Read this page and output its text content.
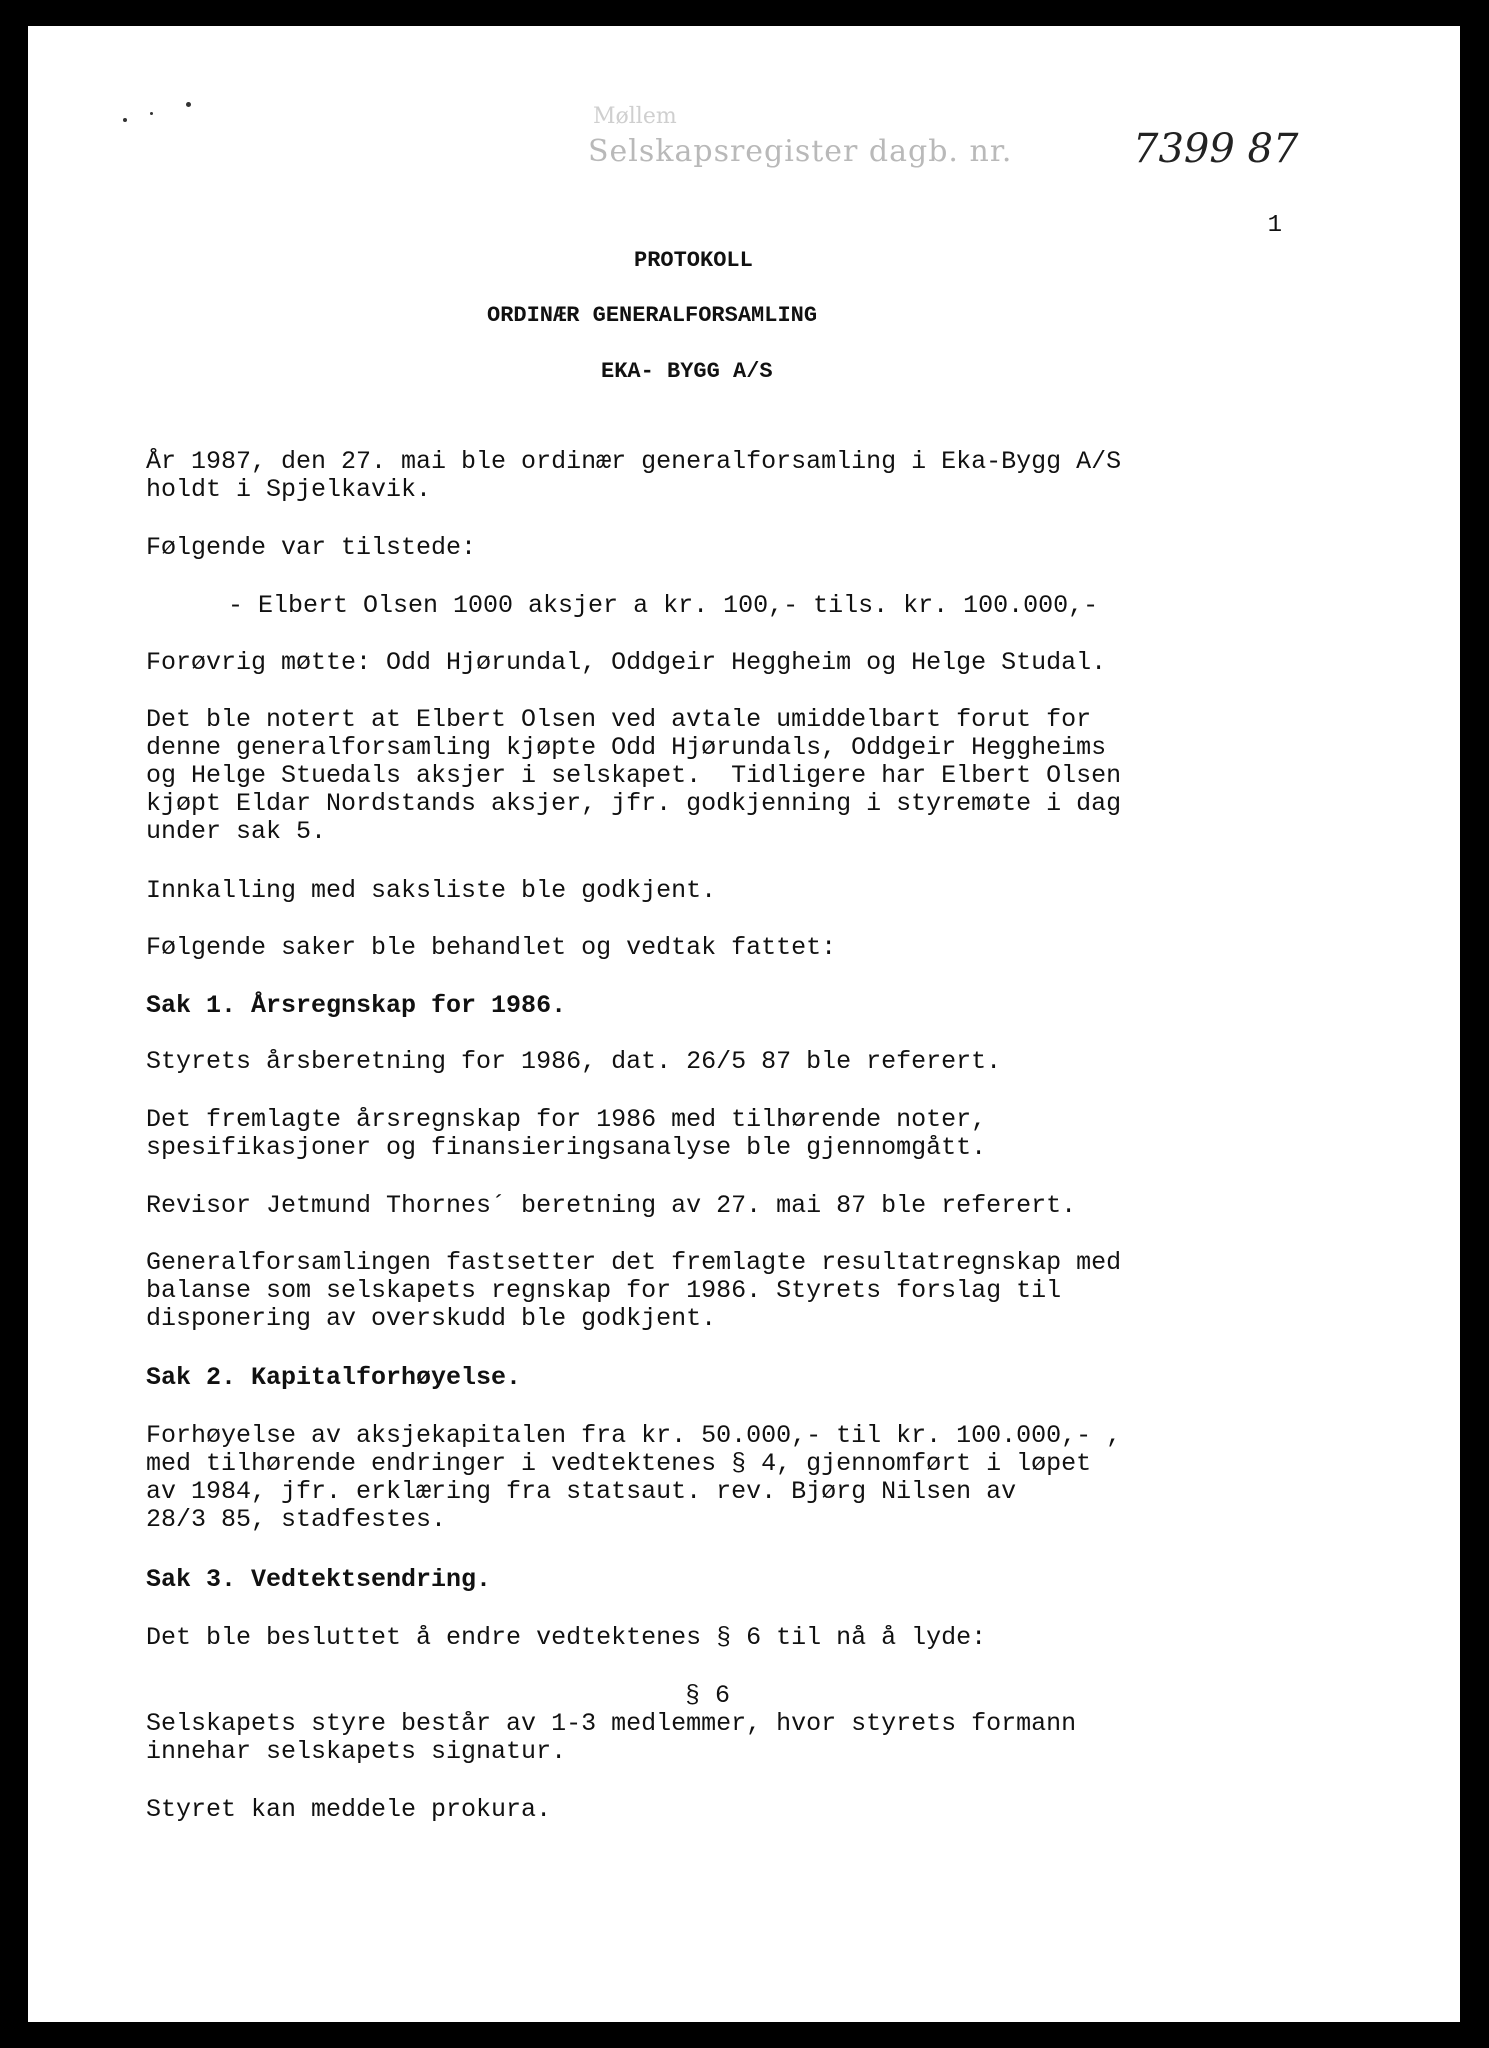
Møllem
Selskapsregister dagb. nr.	7399 87
1
PROTOKOLL
ORDINÆR GENERALFORSAMLING
EKA- BYGG A/S
År 1987, den 27. mai ble ordinær generalforsamling i Eka-Bygg A/S
holdt i Spjelkavik.
Følgende var tilstede:
- Elbert Olsen 1000 aksjer a kr. 100,- tils. kr. 100.000,-
Forøvrig møtte: Odd Hjørundal, Oddgeir Heggheim og Helge Studal.
Det ble notert at Elbert Olsen ved avtale umiddelbart forut for
denne generalforsamling kjøpte Odd Hjørundals, Oddgeir Heggheims
og Helge Stuedals aksjer i selskapet.  Tidligere har Elbert Olsen
kjøpt Eldar Nordstands aksjer, jfr. godkjenning i styremøte i dag
under sak 5.
Innkalling med saksliste ble godkjent.
Følgende saker ble behandlet og vedtak fattet:
Sak 1. Årsregnskap for 1986.
Styrets årsberetning for 1986, dat. 26/5 87 ble referert.
Det fremlagte årsregnskap for 1986 med tilhørende noter,
spesifikasjoner og finansieringsanalyse ble gjennomgått.
Revisor Jetmund Thornes´ beretning av 27. mai 87 ble referert.
Generalforsamlingen fastsetter det fremlagte resultatregnskap med
balanse som selskapets regnskap for 1986. Styrets forslag til
disponering av overskudd ble godkjent.
Sak 2. Kapitalforhøyelse.
Forhøyelse av aksjekapitalen fra kr. 50.000,- til kr. 100.000,- ,
med tilhørende endringer i vedtektenes § 4, gjennomført i løpet
av 1984, jfr. erklæring fra statsaut. rev. Bjørg Nilsen av
28/3 85, stadfestes.
Sak 3. Vedtektsendring.
Det ble besluttet å endre vedtektenes § 6 til nå å lyde:
§ 6
Selskapets styre består av 1-3 medlemmer, hvor styrets formann
innehar selskapets signatur.
Styret kan meddele prokura.
